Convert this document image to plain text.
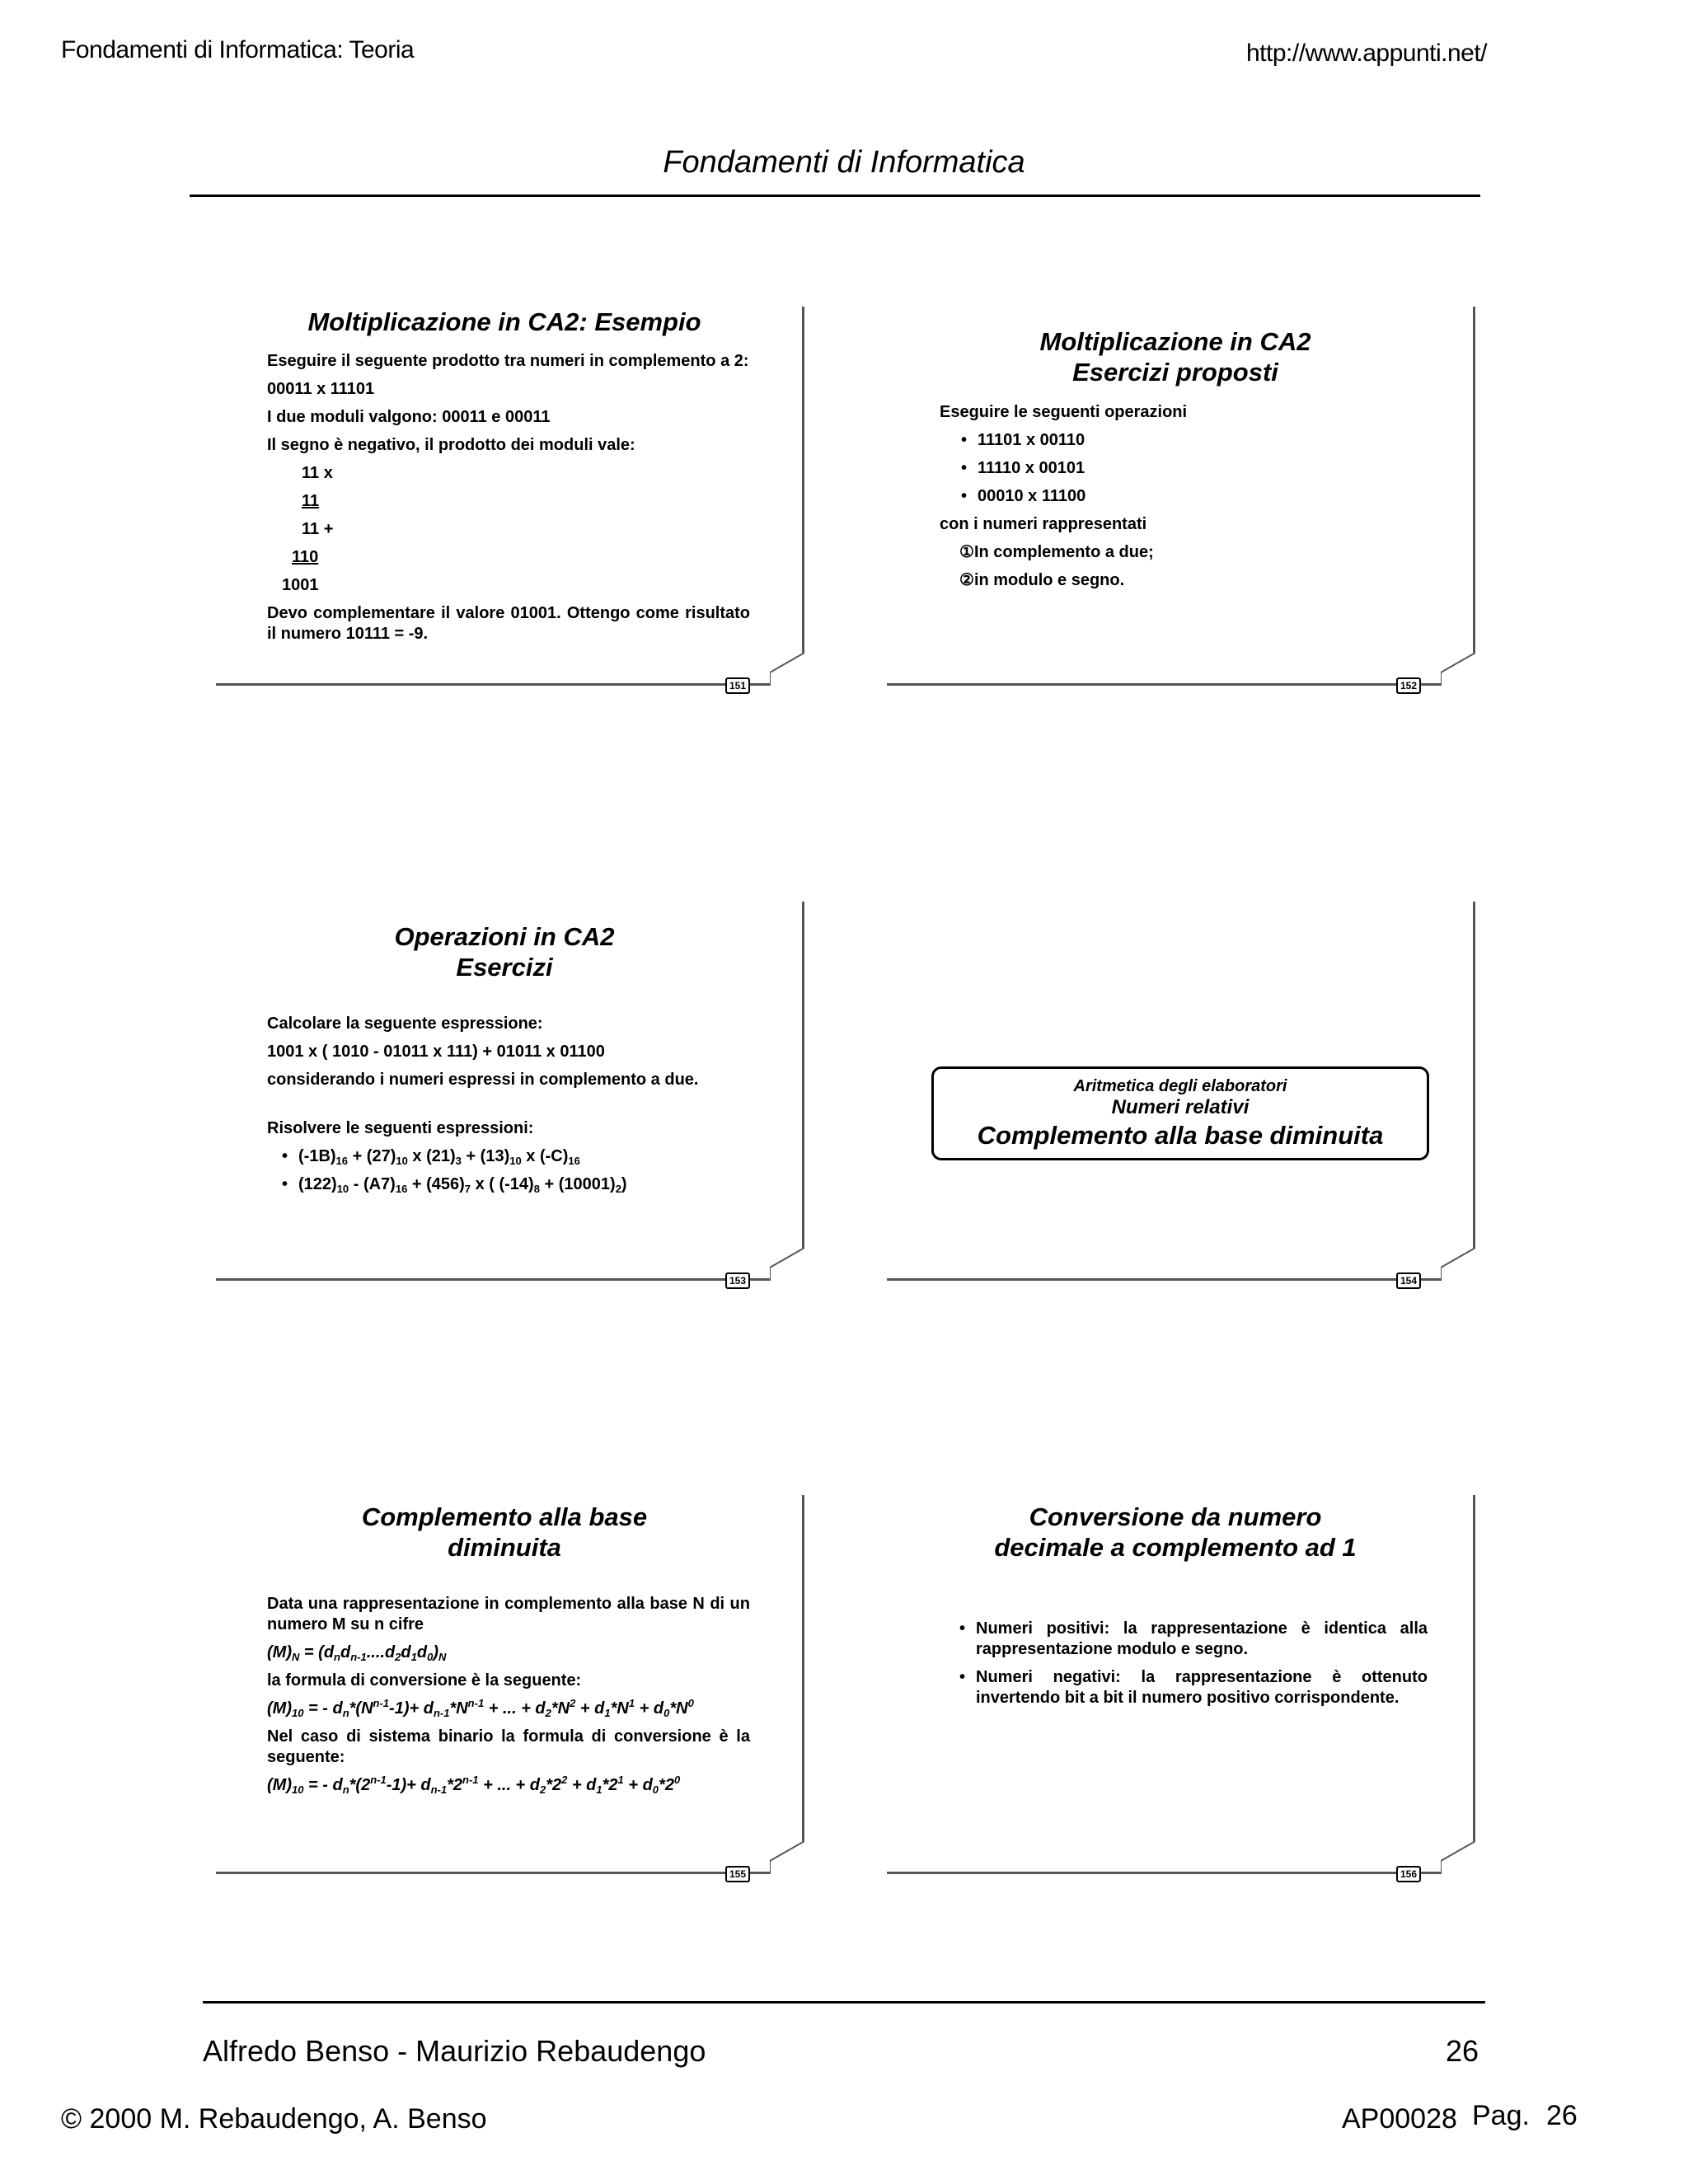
Fondamenti di Informatica: Teoria	http://www.appunti.net/
Fondamenti di Informatica
151
Moltiplicazione in CA2: Esempio

Eseguire il seguente prodotto tra numeri in complemento a 2:

00011 x 11101

I due moduli valgono: 00011 e 00011

Il segno è negativo, il prodotto dei moduli vale:

11 x

11

11 +

110

1001

Devo complementare il valore 01001. Ottengo come risultato il numero 10111 = -9.

152
Moltiplicazione in CA2
Esercizi proposti

Eseguire le seguenti operazioni

• 11101 x 00110
• 11110 x 00101
• 00010 x 11100

con i numeri rappresentati

①In complemento a due;

②in modulo e segno.

153
Operazioni in CA2
Esercizi

Calcolare la seguente espressione:

1001 x ( 1010 - 01011 x 111) + 01011 x 01100

considerando i numeri espressi in complemento a due.

Risolvere le seguenti espressioni:

• $(-1B)_{16} + (27)_{10}$ x $(21)_3 + (13)_{10}$ x $(-C)_{16}$
• $(122)_{10} - (A7)_{16} + (456)_7$ x ( $(-14)_8 + (10001)_2$)
154
Aritmetica degli elaboratori
Numeri relativi
Complemento alla base diminuita
155
Complemento alla base
diminuita

Data una rappresentazione in complemento alla base N di un numero M su n cifre

$(M)_N = (d_nd_{n-1}....d_2d_1d_0)_N$

la formula di conversione è la seguente:

$(M)_{10}$ = - $d_n*(N^{n-1}-1)+ d_{n-1}*N^{n-1}$ + ... + $d_2*N^2 + d_1*N^1 + d_0*N^0$

Nel caso di sistema binario la formula di conversione è la seguente:

$(M)_{10}$ = - $d_n*(2^{n-1}-1)+ d_{n-1}*2^{n-1}$ + ... + $d_2*2^2 + d_1*2^1 + d_0*2^0$

156
Conversione da numero
decimale a complemento ad 1
• Numeri positivi: la rappresentazione è identica alla rappresentazione modulo e segno.
• Numeri negativi: la rappresentazione è ottenuto invertendo bit a bit il numero positivo corrispondente.
Alfredo Benso - Maurizio Rebaudengo	26
© 2000 M. Rebaudengo, A. Benso	AP00028 Pag. 26
